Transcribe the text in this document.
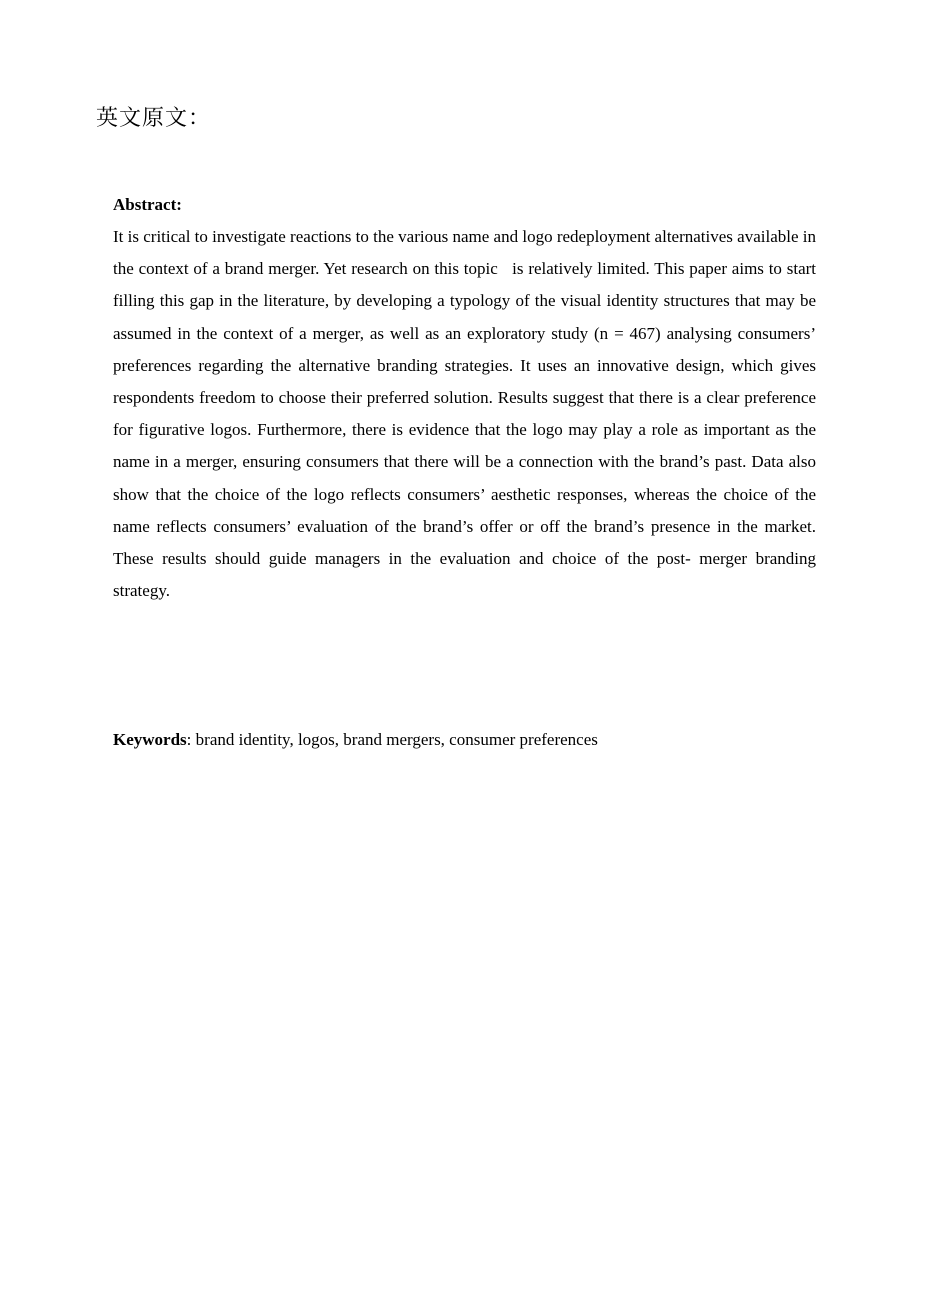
英文原文：
Abstract:

It is critical to investigate reactions to the various name and logo redeployment alternatives available in the context of a brand merger. Yet research on this topic   is relatively limited. This paper aims to start filling this gap in the literature, by developing a typology of the visual identity structures that may be assumed in the context of a merger, as well as an exploratory study (n = 467) analysing consumers’ preferences regarding the alternative branding strategies. It uses an innovative design, which gives respondents freedom to choose their preferred solution. Results suggest that there is a clear preference for figurative logos. Furthermore, there is evidence that the logo may play a role as important as the name in a merger, ensuring consumers that there will be a connection with the brand’s past. Data also show that the choice of the logo reflects consumers’ aesthetic responses, whereas the choice of the name reflects consumers’ evaluation of the brand’s offer or off the brand’s presence in the market. These results should guide managers in the evaluation and choice of the post- merger branding strategy.

Keywords: brand identity, logos, brand mergers, consumer preferences
